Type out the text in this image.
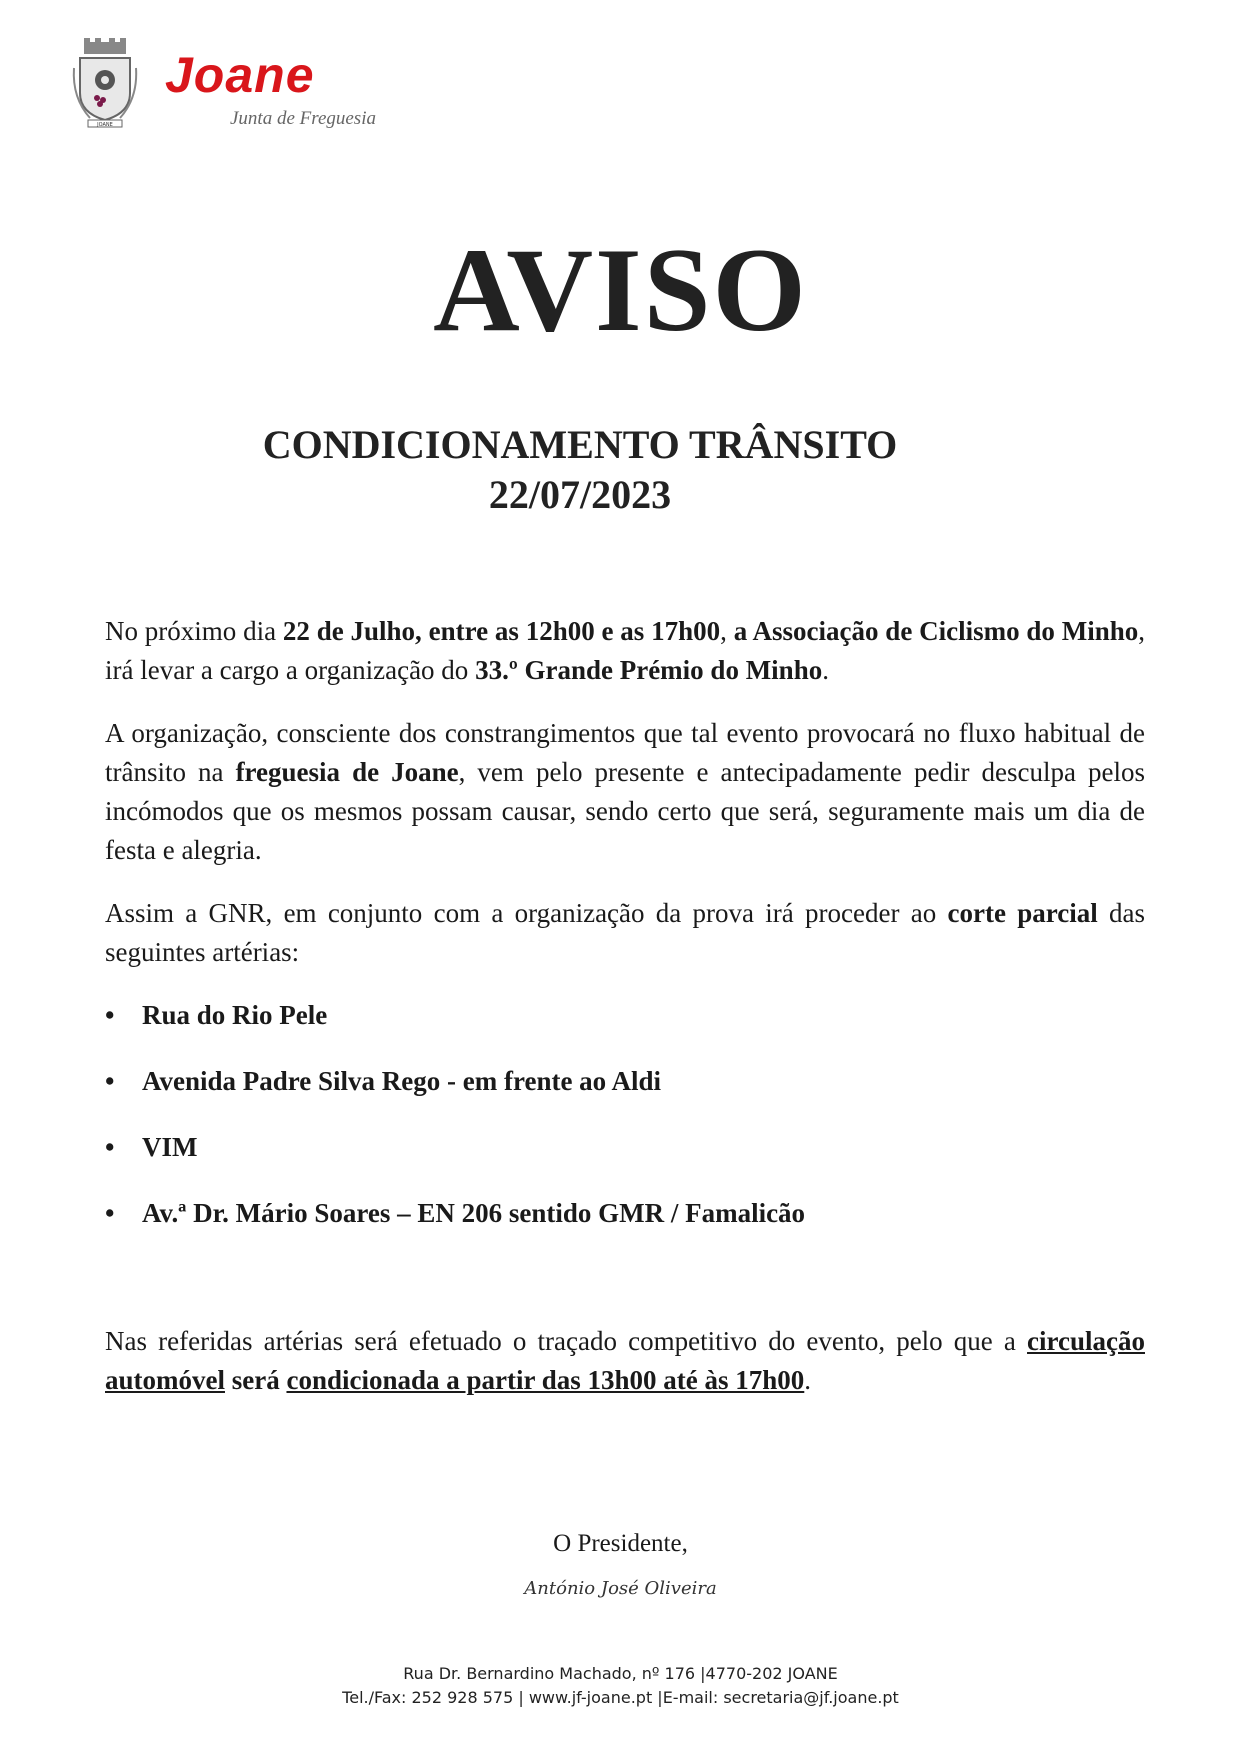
JOANE
Joane
Junta de Freguesia
AVISO
CONDICIONAMENTO TRÂNSITO
22/07/2023

No próximo dia 22 de Julho, entre as 12h00 e as 17h00, a Associação de Ciclismo do Minho, irá levar a cargo a organização do 33.º Grande Prémio do Minho.

A organização, consciente dos constrangimentos que tal evento provocará no fluxo habitual de trânsito na freguesia de Joane, vem pelo presente e antecipadamente pedir desculpa pelos incómodos que os mesmos possam causar, sendo certo que será, seguramente mais um dia de festa e alegria.

Assim a GNR, em conjunto com a organização da prova irá proceder ao corte parcial das seguintes artérias:

• Rua do Rio Pele
• Avenida Padre Silva Rego - em frente ao Aldi
• VIM
• Av.ª Dr. Mário Soares – EN 206 sentido GMR / Famalicão
Nas referidas artérias será efetuado o traçado competitivo do evento, pelo que a circulação automóvel será condicionada a partir das 13h00 até às 17h00.
O Presidente,
António José Oliveira
Rua Dr. Bernardino Machado, nº 176 |4770-202 JOANE
Tel./Fax: 252 928 575 | www.jf-joane.pt |E-mail: secretaria@jf.joane.pt
